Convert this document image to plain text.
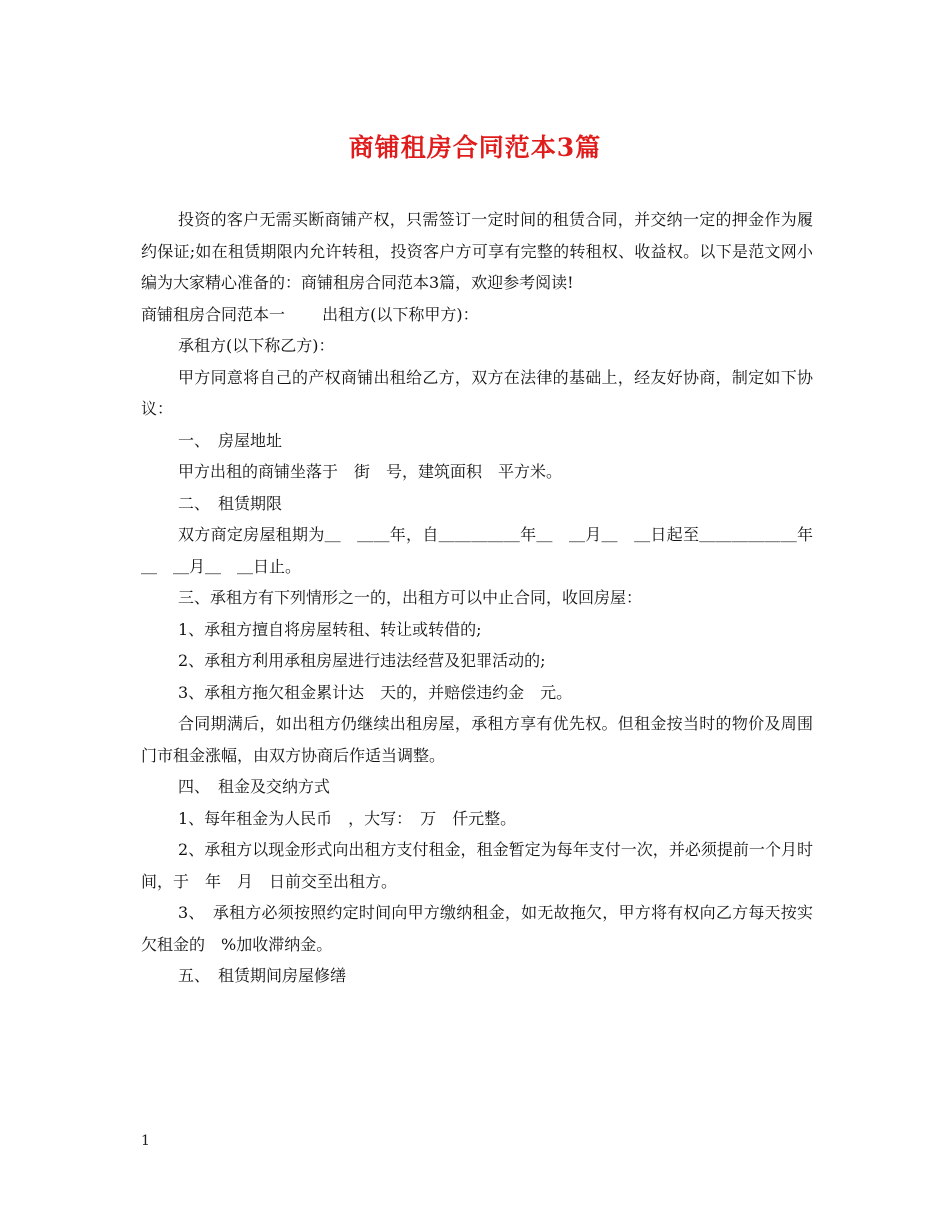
商铺租房合同范本3篇

投资的客户无需买断商铺产权，只需签订一定时间的租赁合同，并交纳一定的押金作为履约保证;如在租赁期限内允许转租，投资客户方可享有完整的转租权、收益权。以下是范文网小编为大家精心准备的：商铺租房合同范本3篇，欢迎参考阅读!

商铺租房合同范本一　　 出租方(以下称甲方)：

承租方(以下称乙方)：

甲方同意将自己的产权商铺出租给乙方，双方在法律的基础上，经友好协商，制定如下协议：

一、　房屋地址

甲方出租的商铺坐落于　街　号，建筑面积　平方米。

二、　租赁期限

双方商定房屋租期为＿　＿＿年，自＿＿＿＿＿年＿　＿月＿　＿日起至＿＿＿＿＿＿年＿　＿月＿　＿日止。

三、承租方有下列情形之一的，出租方可以中止合同，收回房屋：

1、承租方擅自将房屋转租、转让或转借的;

2、承租方利用承租房屋进行违法经营及犯罪活动的;

3、承租方拖欠租金累计达　天的，并赔偿违约金　元。

合同期满后，如出租方仍继续出租房屋，承租方享有优先权。但租金按当时的物价及周围门市租金涨幅，由双方协商后作适当调整。

四、　租金及交纳方式

1、每年租金为人民币　，大写：　万　仟元整。

2、承租方以现金形式向出租方支付租金，租金暂定为每年支付一次，并必须提前一个月时间，于　年　月　日前交至出租方。

3、　承租方必须按照约定时间向甲方缴纳租金，如无故拖欠，甲方将有权向乙方每天按实欠租金的　%加收滞纳金。

五、　租赁期间房屋修缮

1
